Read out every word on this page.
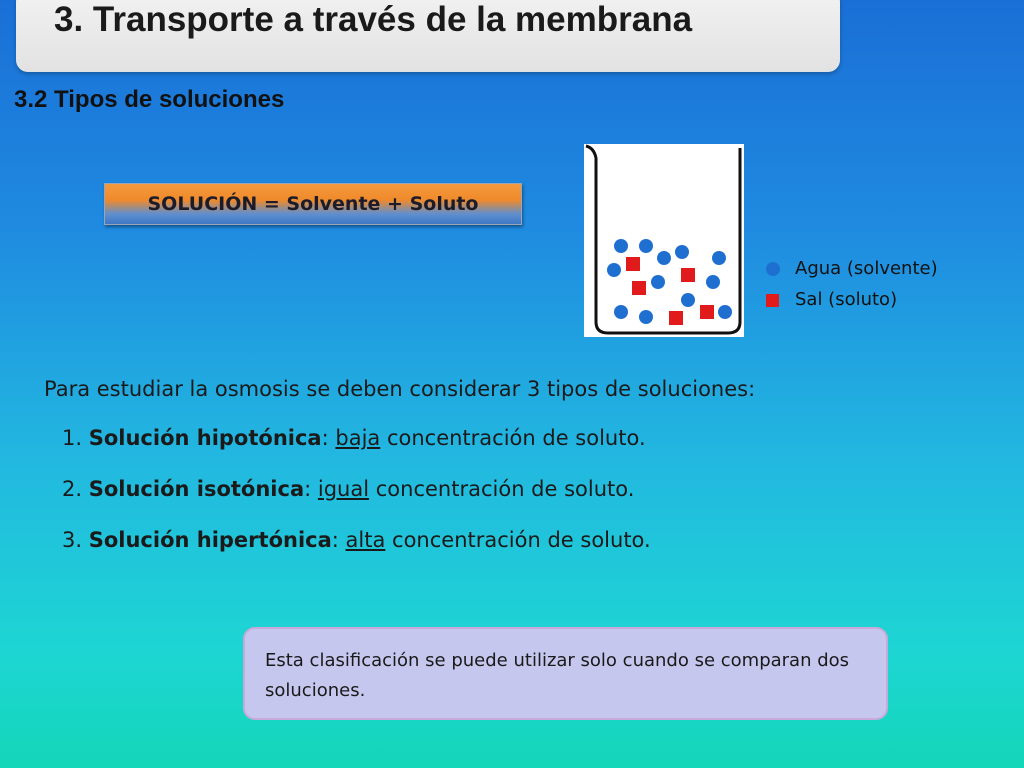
3. Transporte a través de la membrana
3.2 Tipos de soluciones
SOLUCIÓN = Solvente + Soluto
Agua (solvente)
Sal (soluto)
Para estudiar la osmosis se deben considerar 3 tipos de soluciones:
1. Solución hipotónica: baja concentración de soluto.
2. Solución isotónica: igual concentración de soluto.
3. Solución hipertónica: alta concentración de soluto.
Esta clasificación se puede utilizar solo cuando se comparan dos soluciones.
